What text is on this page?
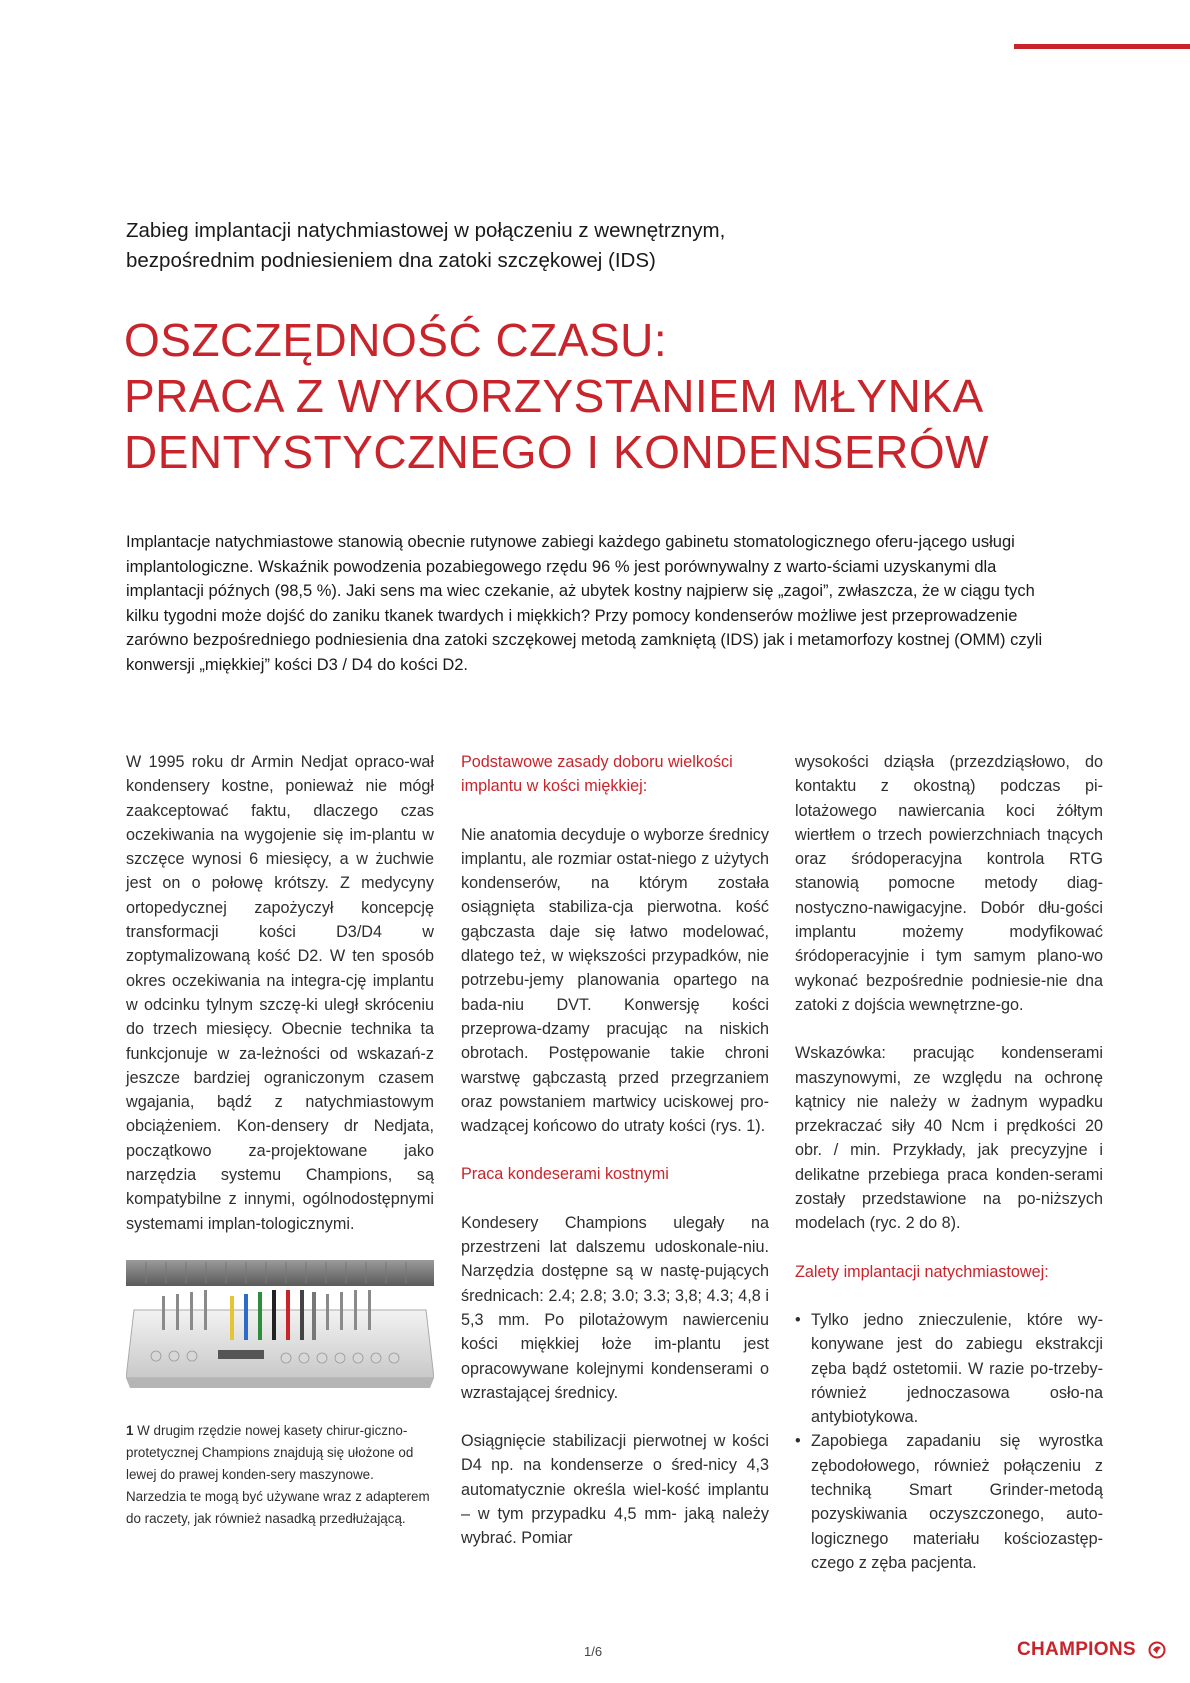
Zabieg implantacji natychmiastowej w połączeniu z wewnętrznym,
bezpośrednim podniesieniem dna zatoki szczękowej (IDS)
OSZCZĘDNOŚĆ CZASU:
PRACA Z WYKORZYSTANIEM MŁYNKA
DENTYSTYCZNEGO I KONDENSERÓW
Implantacje natychmiastowe stanowią obecnie rutynowe zabiegi każdego gabinetu stomatologicznego oferu-jącego usługi implantologiczne. Wskaźnik powodzenia pozabiegowego rzędu 96 % jest porównywalny z warto-ściami uzyskanymi dla implantacji późnych (98,5 %). Jaki sens ma wiec czekanie, aż ubytek kostny najpierw się „zagoi”, zwłaszcza, że w ciągu tych kilku tygodni może dojść do zaniku tkanek twardych i miękkich? Przy pomocy kondenserów możliwe jest przeprowadzenie zarówno bezpośredniego podniesienia dna zatoki szczękowej metodą zamkniętą (IDS) jak i metamorfozy kostnej (OMM) czyli konwersji „miękkiej” kości D3 / D4 do kości D2.

W 1995 roku dr Armin Nedjat opraco-wał kondensery kostne, ponieważ nie mógł zaakceptować faktu, dlaczego czas oczekiwania na wygojenie się im-plantu w szczęce wynosi 6 miesięcy, a w żuchwie jest on o połowę krótszy. Z medycyny ortopedycznej zapożyczył koncepcję transformacji kości D3/D4 w zoptymalizowaną kość D2. W ten sposób okres oczekiwania na integra-cję implantu w odcinku tylnym szczę-ki uległ skróceniu do trzech miesięcy. Obecnie technika ta funkcjonuje w za-leżności od wskazań-z jeszcze bardziej ograniczonym czasem wgajania, bądź z natychmiastowym obciążeniem. Kon-densery dr Nedjata, początkowo za-projektowane jako narzędzia systemu Champions, są kompatybilne z innymi, ogólnodostępnymi systemami implan-tologicznymi.

1 W drugim rzędzie nowej kasety chirur-giczno-protetycznej Champions znajdują się ułożone od lewej do prawej konden-sery maszynowe. Narzedzia te mogą być używane wraz z adapterem do raczety, jak również nasadką przedłużającą.
Podstawowe zasady doboru wielkości implantu w kości miękkiej:

Nie anatomia decyduje o wyborze średnicy implantu, ale rozmiar ostat-niego z użytych kondenserów, na którym została osiągnięta stabiliza-cja pierwotna. kość gąbczasta daje się łatwo modelować, dlatego też, w większości przypadków, nie potrzebu-jemy planowania opartego na bada-niu DVT. Konwersję kości przeprowa-dzamy pracując na niskich obrotach. Postępowanie takie chroni warstwę gąbczastą przed przegrzaniem oraz powstaniem martwicy uciskowej pro-wadzącej końcowo do utraty kości (rys. 1).

Praca kondeserami kostnymi

Kondesery Champions ulegały na przestrzeni lat dalszemu udoskonale-niu. Narzędzia dostępne są w nastę-pujących średnicach: 2.4; 2.8; 3.0; 3.3; 3,8; 4.3; 4,8 i 5,3 mm. Po pilotażowym nawierceniu kości miękkiej łoże im-plantu jest opracowywane kolejnymi kondenserami o wzrastającej średnicy.

Osiągnięcie stabilizacji pierwotnej w kości D4 np. na kondenserze o śred-nicy 4,3 automatycznie określa wiel-kość implantu – w tym przypadku 4,5 mm- jaką należy wybrać. Pomiar

wysokości dziąsła (przezdziąsłowo, do kontaktu z okostną) podczas pi-lotażowego nawiercania koci żółtym wiertłem o trzech powierzchniach tnących oraz śródoperacyjna kontrola RTG stanowią pomocne metody diag-nostyczno-nawigacyjne. Dobór dłu-gości implantu możemy modyfikować śródoperacyjnie i tym samym plano-wo wykonać bezpośrednie podniesie-nie dna zatoki z dojścia wewnętrzne-go.

Wskazówka: pracując kondenserami maszynowymi, ze względu na ochronę kątnicy nie należy w żadnym wypadku przekraczać siły 40 Ncm i prędkości 20 obr. / min. Przykłady, jak precyzyjne i delikatne przebiega praca konden-serami zostały przedstawione na po-niższych modelach (ryc. 2 do 8).

Zalety implantacji natychmiastowej:
• Tylko jedno znieczulenie, które wy-konywane jest do zabiegu ekstrakcji zęba bądź ostetomii. W razie po-trzeby- również jednoczasowa osło-na antybiotykowa.
• Zapobiega zapadaniu się wyrostka zębodołowego, również połączeniu z techniką Smart Grinder-metodą pozyskiwania oczyszczonego, auto-logicznego materiału kościozastęp-czego z zęba pacjenta.
1/6	CHAMPIONS
